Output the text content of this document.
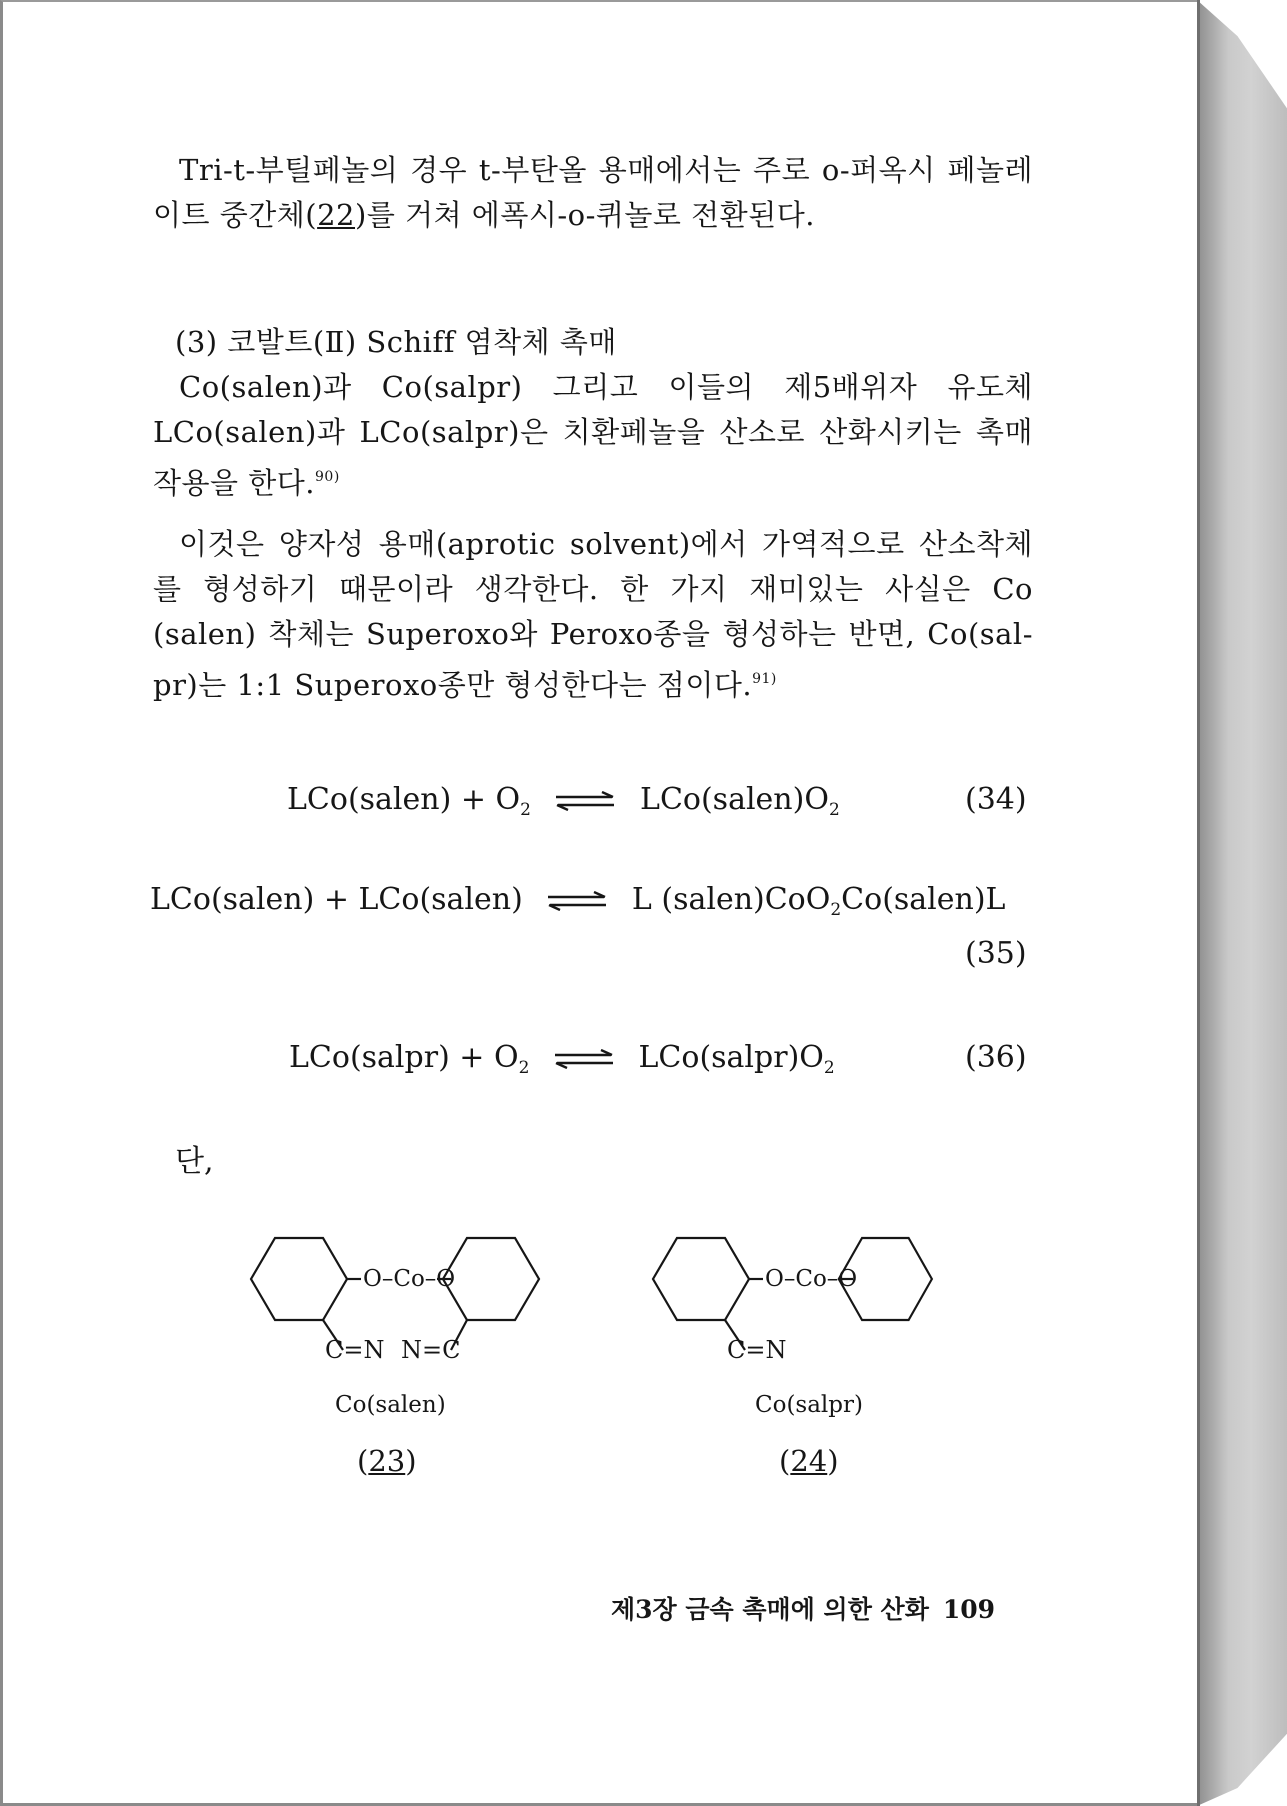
Tri-t-부틸페놀의 경우 t-부탄올 용매에서는 주로 o-퍼옥시 페놀레이트 중간체(22)를 거쳐 에폭시-o-퀴놀로 전환된다.

(3) 코발트(Ⅱ) Schiff 염착체 촉매

Co(salen)과 Co(salpr) 그리고 이들의 제5배위자 유도체 LCo(salen)과 LCo(salpr)은 치환페놀을 산소로 산화시키는 촉매 작용을 한다.$^{90)}$

이것은 양자성 용매(aprotic solvent)에서 가역적으로 산소착체를 형성하기 때문이라 생각한다. 한 가지 재미있는 사실은 Co (salen) 착체는 Superoxo와 Peroxo종을 형성하는 반면, Co(sal-pr)는 1:1 Superoxo종만 형성한다는 점이다.$^{91)}$

LCo(salen) + $O_2$ ⇌ $LCo(salen)O_2$	(34)
LCo(salen) + LCo(salen) ⇌ L (salen)CoO$_2$Co(salen)L
(35)
LCo(salpr) + $O_2$ ⇌ $LCo(salpr)O_2$	(36)
단,
O–Co–O
C=N N=C
Co(salen)
(23)
O–Co–O
C=N
Co(salpr)
(24)
제3장 금속 촉매에 의한 산화 109
